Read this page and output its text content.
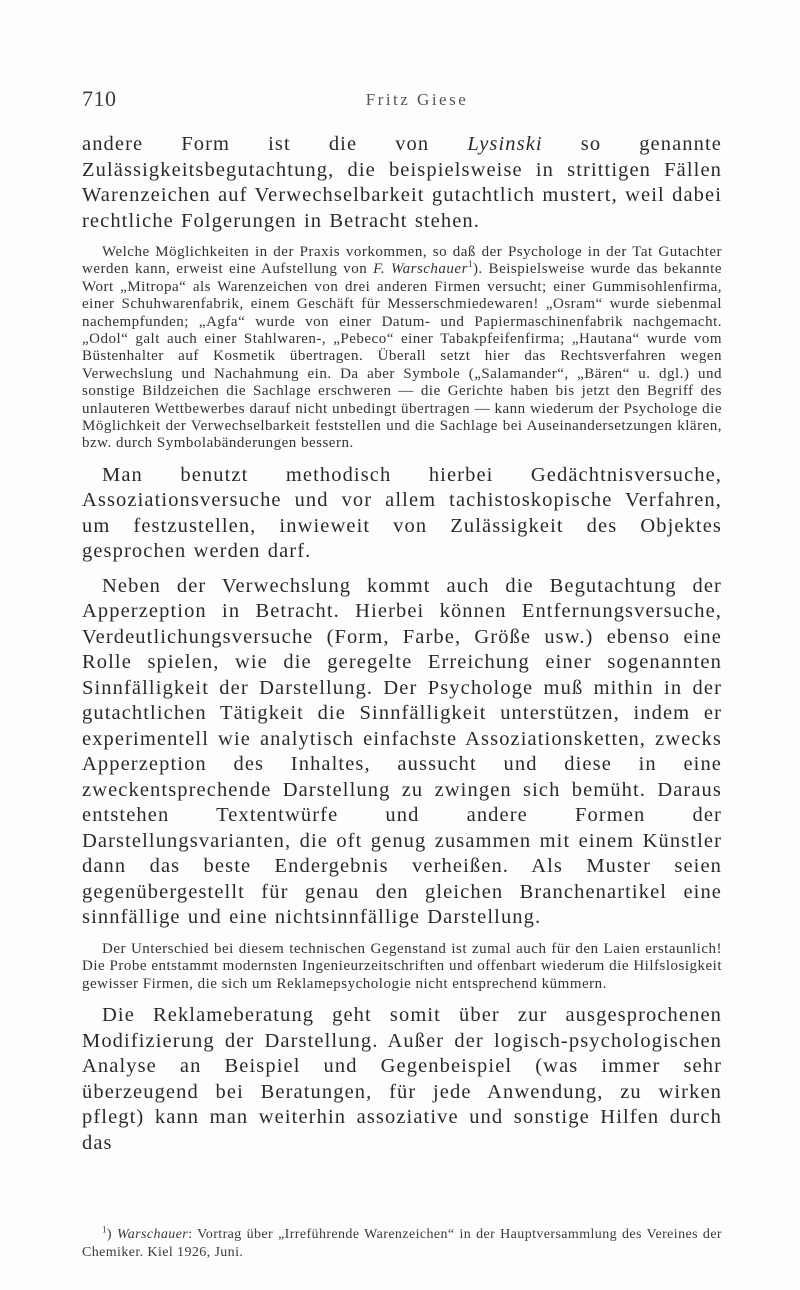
710	Fritz Giese

andere Form ist die von Lysinski so genannte Zulässigkeitsbegutachtung, die beispielsweise in strittigen Fällen Warenzeichen auf Verwechselbarkeit gutachtlich mustert, weil dabei rechtliche Folgerungen in Betracht stehen.

Welche Möglichkeiten in der Praxis vorkommen, so daß der Psychologe in der Tat Gutachter werden kann, erweist eine Aufstellung von F. Warschauer$^1$). Beispielsweise wurde das bekannte Wort „Mitropa“ als Warenzeichen von drei anderen Firmen versucht; einer Gummisohlenfirma, einer Schuhwarenfabrik, einem Geschäft für Messerschmiedewaren! „Osram“ wurde siebenmal nachempfunden; „Agfa“ wurde von einer Datum- und Papiermaschinenfabrik nachgemacht. „Odol“ galt auch einer Stahlwaren-, „Pebeco“ einer Tabakpfeifenfirma; „Hautana“ wurde vom Büstenhalter auf Kosmetik übertragen. Überall setzt hier das Rechtsverfahren wegen Verwechslung und Nachahmung ein. Da aber Symbole („Salamander“, „Bären“ u. dgl.) und sonstige Bildzeichen die Sachlage erschweren — die Gerichte haben bis jetzt den Begriff des unlauteren Wettbewerbes darauf nicht unbedingt übertragen — kann wiederum der Psychologe die Möglichkeit der Verwechselbarkeit feststellen und die Sachlage bei Auseinandersetzungen klären, bzw. durch Symbolabänderungen bessern.

Man benutzt methodisch hierbei Gedächtnisversuche, Assoziationsversuche und vor allem tachistoskopische Verfahren, um festzustellen, inwieweit von Zulässigkeit des Objektes gesprochen werden darf.

Neben der Verwechslung kommt auch die Begutachtung der Apperzeption in Betracht. Hierbei können Entfernungsversuche, Verdeutlichungsversuche (Form, Farbe, Größe usw.) ebenso eine Rolle spielen, wie die geregelte Erreichung einer sogenannten Sinnfälligkeit der Darstellung. Der Psychologe muß mithin in der gutachtlichen Tätigkeit die Sinnfälligkeit unterstützen, indem er experimentell wie analytisch einfachste Assoziationsketten, zwecks Apperzeption des Inhaltes, aussucht und diese in eine zweckentsprechende Darstellung zu zwingen sich bemüht. Daraus entstehen Textentwürfe und andere Formen der Darstellungsvarianten, die oft genug zusammen mit einem Künstler dann das beste Endergebnis verheißen. Als Muster seien gegenübergestellt für genau den gleichen Branchenartikel eine sinnfällige und eine nichtsinnfällige Darstellung.

Der Unterschied bei diesem technischen Gegenstand ist zumal auch für den Laien erstaunlich! Die Probe entstammt modernsten Ingenieurzeitschriften und offenbart wiederum die Hilfslosigkeit gewisser Firmen, die sich um Reklamepsychologie nicht entsprechend kümmern.

Die Reklameberatung geht somit über zur ausgesprochenen Modifizierung der Darstellung. Außer der logisch-psychologischen Analyse an Beispiel und Gegenbeispiel (was immer sehr überzeugend bei Beratungen, für jede Anwendung, zu wirken pflegt) kann man weiterhin assoziative und sonstige Hilfen durch das

$^1$) Warschauer: Vortrag über „Irreführende Warenzeichen“ in der Hauptversammlung des Vereines der Chemiker. Kiel 1926, Juni.
